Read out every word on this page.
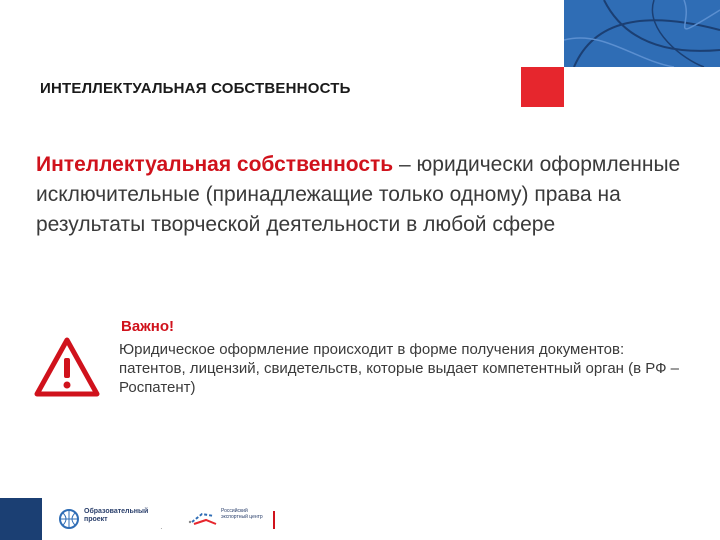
ИНТЕЛЛЕКТУАЛЬНАЯ СОБСТВЕННОСТЬ
Интеллектуальная собственность – юридически оформленные исключительные (принадлежащие только одному) права на результаты творческой деятельности в любой сфере
Важно!
Юридическое оформление происходит в форме получения документов: патентов, лицензий, свидетельств, которые выдает компетентный орган (в РФ – Роспатент)
Образовательный проект
·
Российский экспортный центр
